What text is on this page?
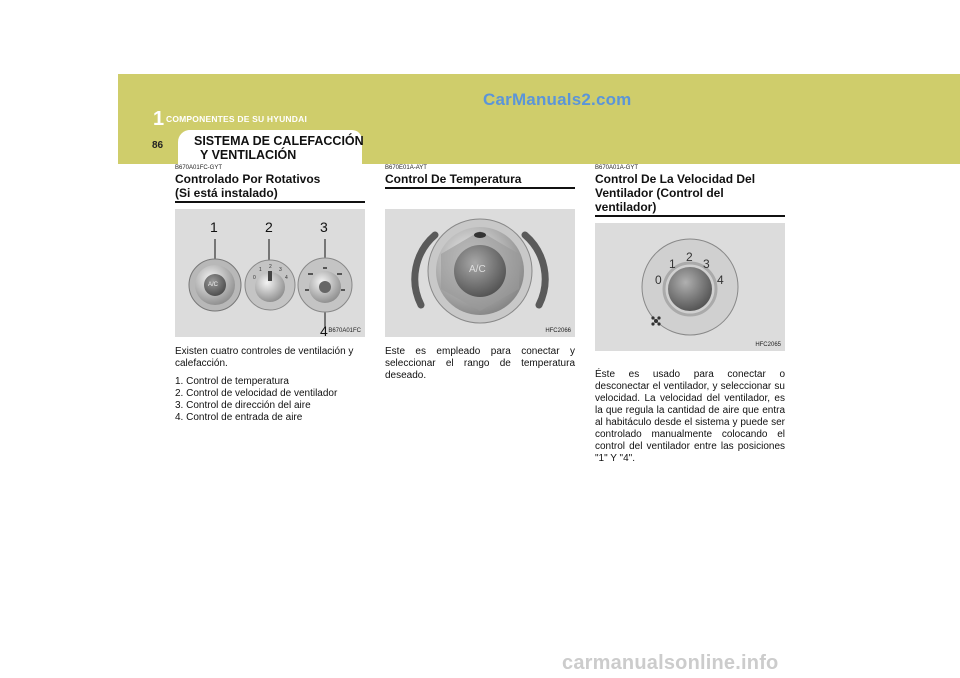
1 COMPONENTES DE SU HYUNDAI
86
CarManuals2.com
SISTEMA DE CALEFACCIÓN
Y VENTILACIÓN
B670A01FC-GYT
Controlado Por Rotativos
(Si está instalado)
1	2	3
4
A/C
0
1 2 3
4
B670A01FC
Existen cuatro controles de ventilación y calefacción.
1. Control de temperatura
2. Control de velocidad de ventilador
3. Control de dirección del aire
4. Control de entrada de aire
B670E01A-AYT
Control De Temperatura
A/C
HFC2066
Este es empleado para conectar y seleccionar el rango de temperatura deseado.
B670A01A-GYT
Control De La Velocidad Del
Ventilador (Control del ventilador)
0
1 2 3
4
HFC2065
Éste es usado para conectar o desconectar el ventilador, y seleccionar su velocidad. La velocidad del ventilador, es la que regula la cantidad de aire que entra al habitáculo desde el sistema y puede ser controlado manualmente colocando el control del ventilador entre las posiciones "1" Y "4".
carmanualsonline.info
